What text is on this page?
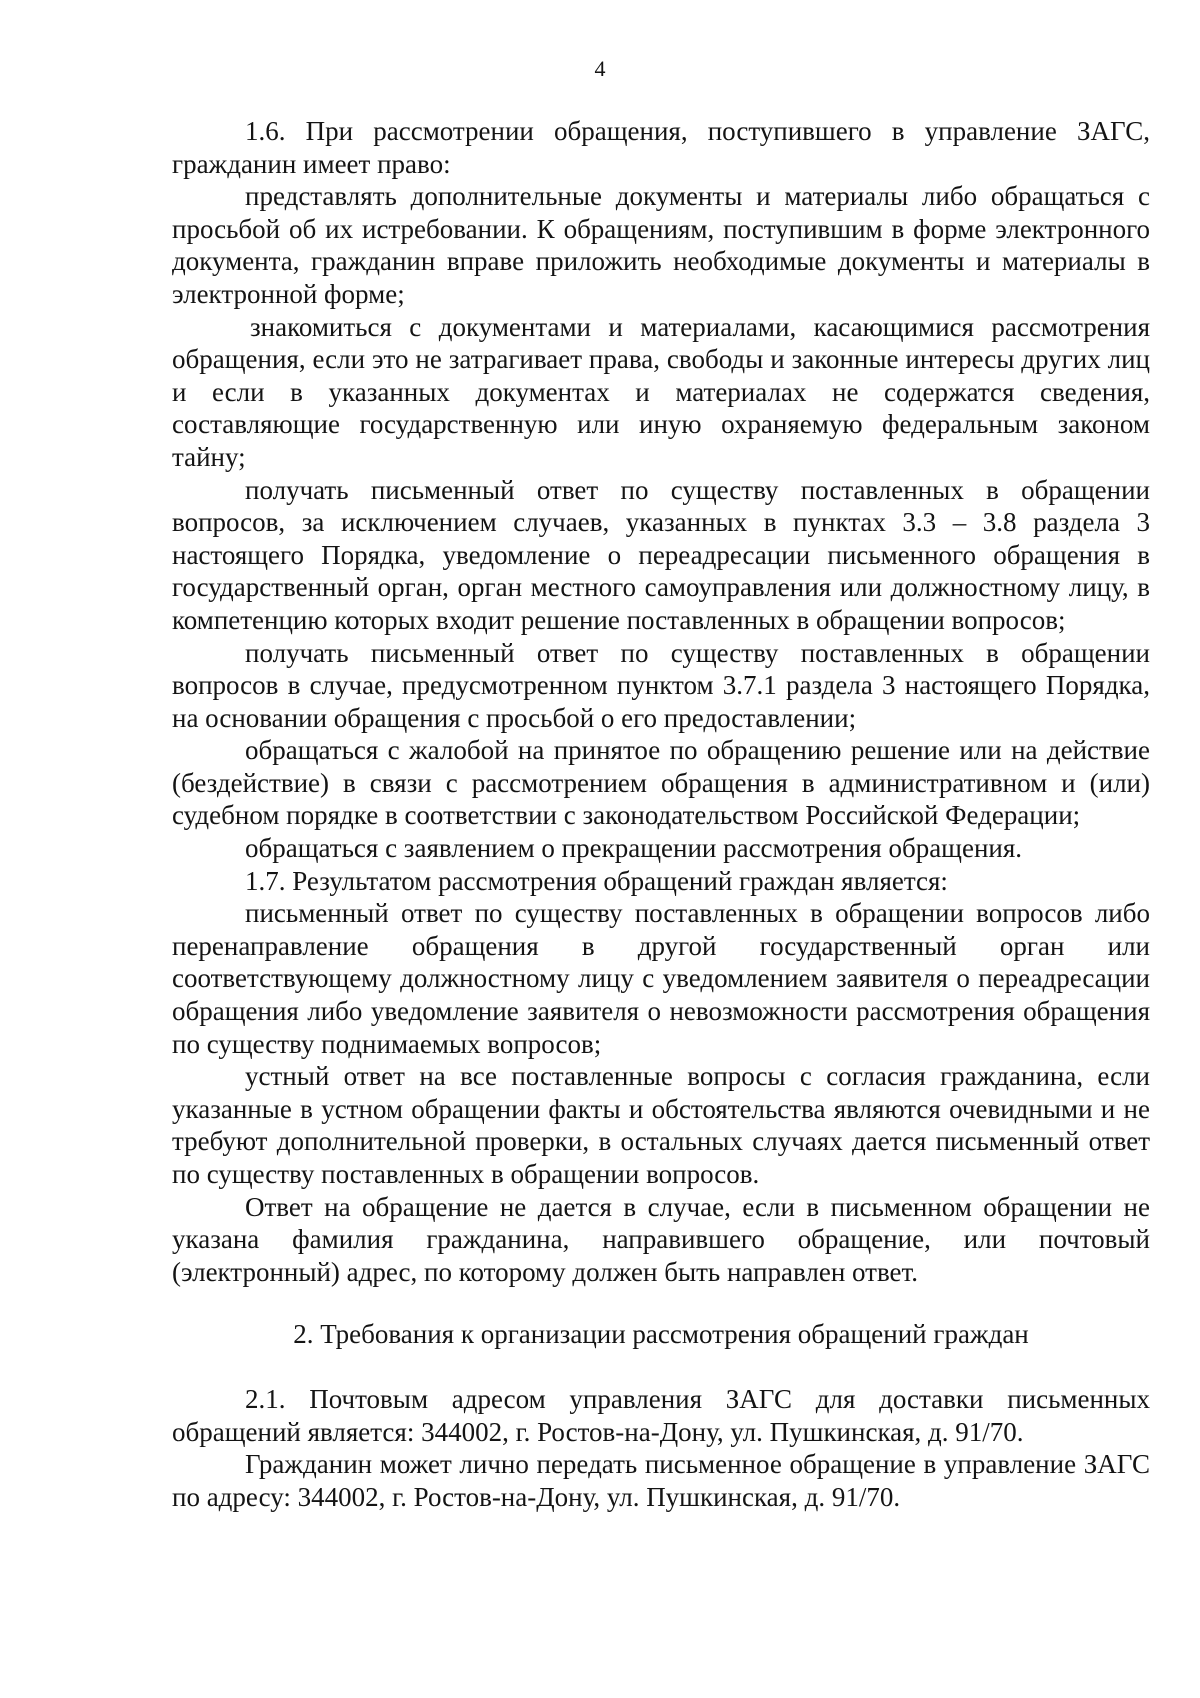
4

1.6. При рассмотрении обращения, поступившего в управление ЗАГС, гражданин имеет право:

представлять дополнительные документы и материалы либо обращаться с просьбой об их истребовании. К обращениям, поступившим в форме электронного документа, гражданин вправе приложить необходимые документы и материалы в электронной форме;

знакомиться с документами и материалами, касающимися рассмотрения обращения, если это не затрагивает права, свободы и законные интересы других лиц и если в указанных документах и материалах не содержатся сведения, составляющие государственную или иную охраняемую федеральным законом тайну;

получать письменный ответ по существу поставленных в обращении вопросов, за исключением случаев, указанных в пунктах 3.3 – 3.8 раздела 3 настоящего Порядка, уведомление о переадресации письменного обращения в государственный орган, орган местного самоуправления или должностному лицу, в компетенцию которых входит решение поставленных в обращении вопросов;

получать письменный ответ по существу поставленных в обращении вопросов в случае, предусмотренном пунктом 3.7.1 раздела 3 настоящего Порядка, на основании обращения с просьбой о его предоставлении;

обращаться с жалобой на принятое по обращению решение или на действие (бездействие) в связи с рассмотрением обращения в административном и (или) судебном порядке в соответствии с законодательством Российской Федерации;

обращаться с заявлением о прекращении рассмотрения обращения.

1.7. Результатом рассмотрения обращений граждан является:

письменный ответ по существу поставленных в обращении вопросов либо перенаправление обращения в другой государственный орган или соответствующему должностному лицу с уведомлением заявителя о переадресации обращения либо уведомление заявителя о невозможности рассмотрения обращения по существу поднимаемых вопросов;

устный ответ на все поставленные вопросы с согласия гражданина, если указанные в устном обращении факты и обстоятельства являются очевидными и не требуют дополнительной проверки, в остальных случаях дается письменный ответ по существу поставленных в обращении вопросов.

Ответ на обращение не дается в случае, если в письменном обращении не указана фамилия гражданина, направившего обращение, или почтовый (электронный) адрес, по которому должен быть направлен ответ.

2. Требования к организации рассмотрения обращений граждан

2.1. Почтовым адресом управления ЗАГС для доставки письменных обращений является: 344002, г. Ростов-на-Дону, ул. Пушкинская, д. 91/70.

Гражданин может лично передать письменное обращение в управление ЗАГС по адресу: 344002, г. Ростов-на-Дону, ул. Пушкинская, д. 91/70.
